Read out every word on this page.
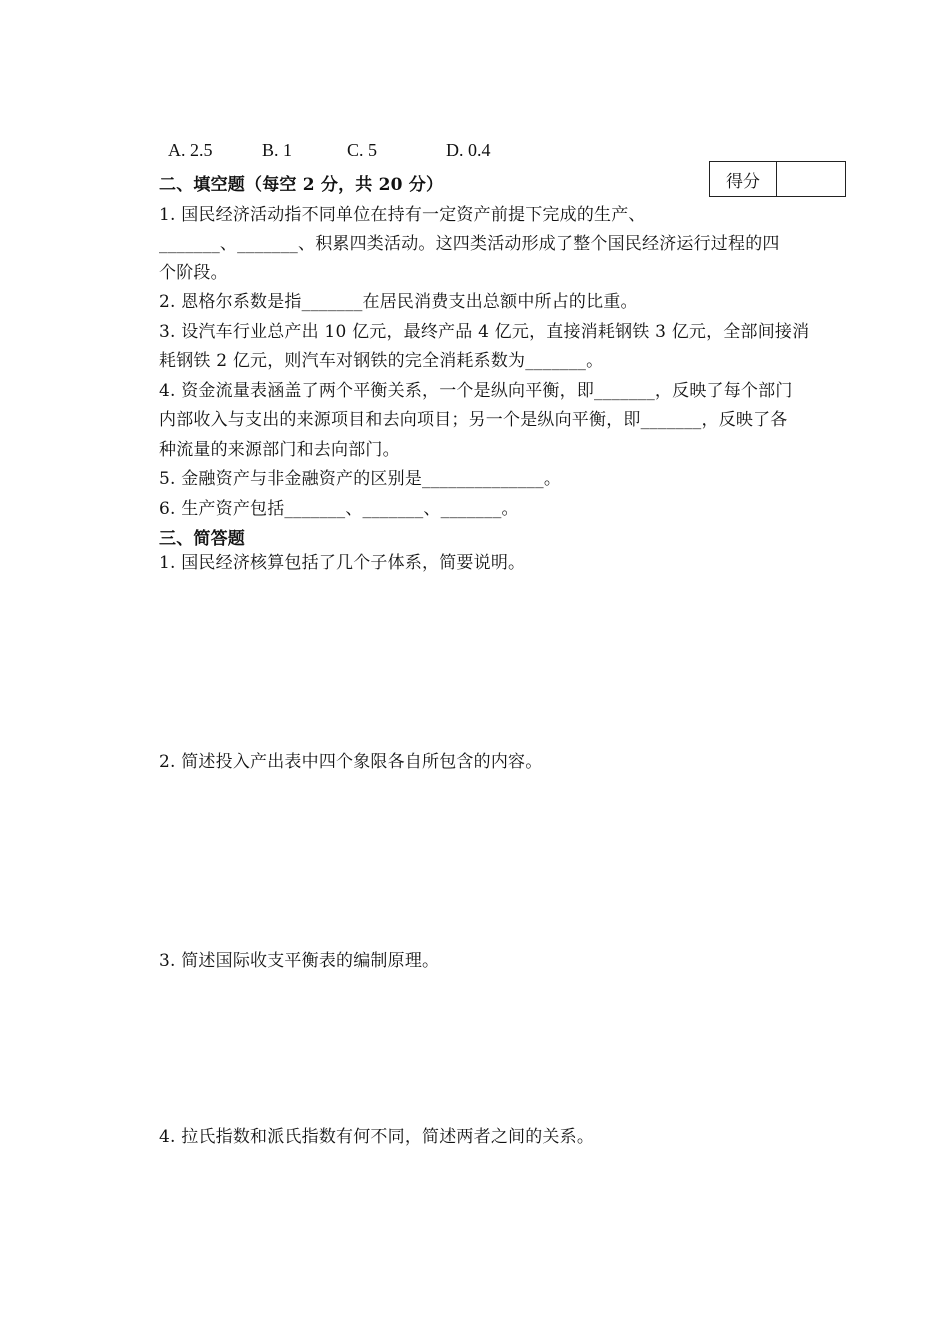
A. 2.5	B. 1	C. 5	D. 0.4
得分
二、填空题（每空 2 分，共 20 分）
1. 国民经济活动指不同单位在持有一定资产前提下完成的生产、
_______、_______、积累四类活动。这四类活动形成了整个国民经济运行过程的四
个阶段。
2. 恩格尔系数是指_______在居民消费支出总额中所占的比重。
3. 设汽车行业总产出 10 亿元，最终产品 4 亿元，直接消耗钢铁 3 亿元，全部间接消
耗钢铁 2 亿元，则汽车对钢铁的完全消耗系数为_______。
4. 资金流量表涵盖了两个平衡关系，一个是纵向平衡，即_______，反映了每个部门
内部收入与支出的来源项目和去向项目；另一个是纵向平衡，即_______，反映了各
种流量的来源部门和去向部门。
5. 金融资产与非金融资产的区别是______________。
6. 生产资产包括_______、_______、_______。
三、简答题
1. 国民经济核算包括了几个子体系，简要说明。
2. 简述投入产出表中四个象限各自所包含的内容。
3. 简述国际收支平衡表的编制原理。
4. 拉氏指数和派氏指数有何不同，简述两者之间的关系。
